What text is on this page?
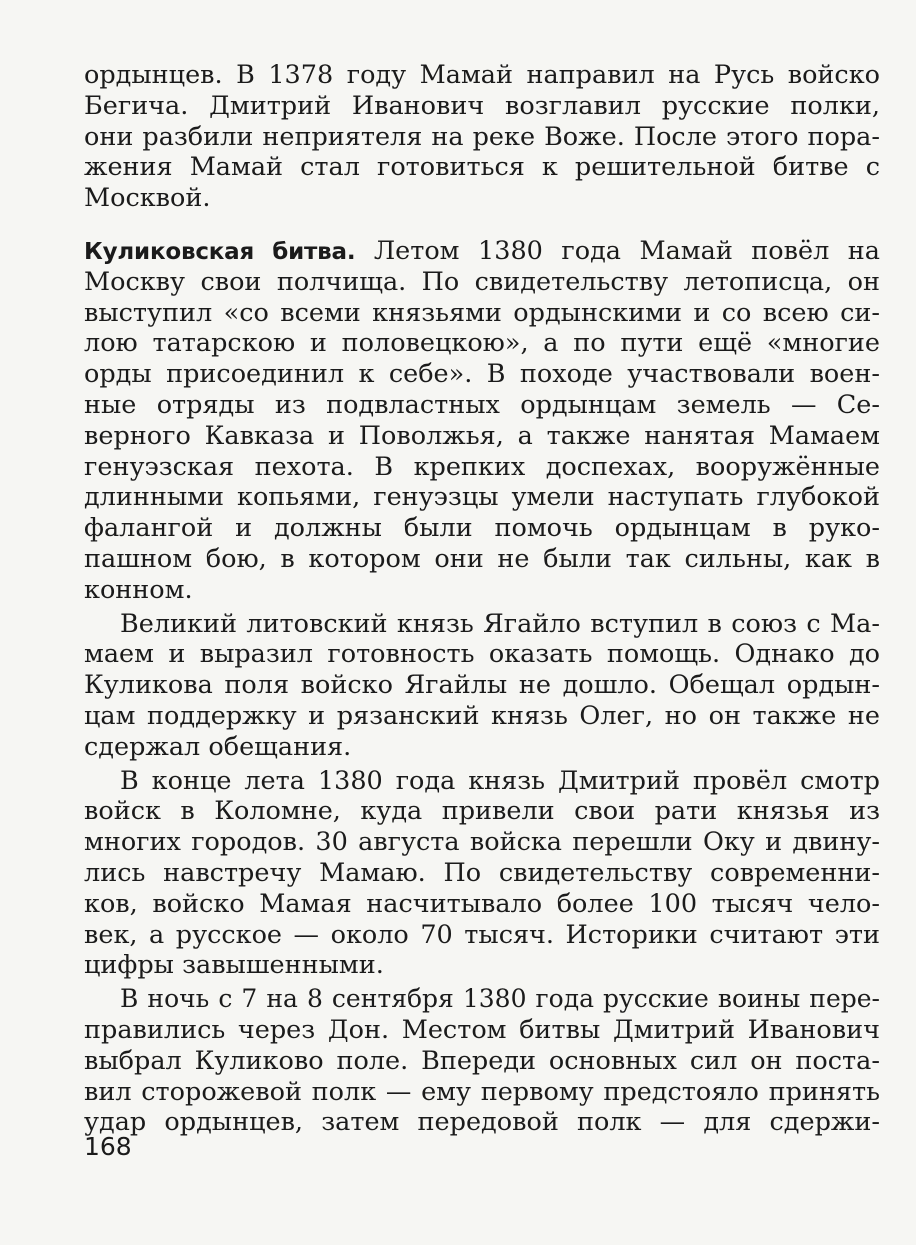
ордынцев. В 1378 году Мамай направил на Русь войско
Бегича. Дмитрий Иванович возглавил русские полки,
они разбили неприятеля на реке Воже. После этого пора-
жения Мамай стал готовиться к решительной битве с
Москвой.
Куликовская битва. Летом 1380 года Мамай повёл на
Москву свои полчища. По свидетельству летописца, он
выступил «со всеми князьями ордынскими и со всею си-
лою татарскою и половецкою», а по пути ещё «многие
орды присоединил к себе». В походе участвовали воен-
ные отряды из подвластных ордынцам земель — Се-
верного Кавказа и Поволжья, а также нанятая Мамаем
генуэзская пехота. В крепких доспехах, вооружённые
длинными копьями, генуэзцы умели наступать глубокой
фалангой и должны были помочь ордынцам в руко-
пашном бою, в котором они не были так сильны, как в
конном.
Великий литовский князь Ягайло вступил в союз с Ма-
маем и выразил готовность оказать помощь. Однако до
Куликова поля войско Ягайлы не дошло. Обещал ордын-
цам поддержку и рязанский князь Олег, но он также не
сдержал обещания.
В конце лета 1380 года князь Дмитрий провёл смотр
войск в Коломне, куда привели свои рати князья из
многих городов. 30 августа войска перешли Оку и двину-
лись навстречу Мамаю. По свидетельству современни-
ков, войско Мамая насчитывало более 100 тысяч чело-
век, а русское — около 70 тысяч. Историки считают эти
цифры завышенными.
В ночь с 7 на 8 сентября 1380 года русские воины пере-
правились через Дон. Местом битвы Дмитрий Иванович
выбрал Куликово поле. Впереди основных сил он поста-
вил сторожевой полк — ему первому предстояло принять
удар ордынцев, затем передовой полк — для сдержи-
168
